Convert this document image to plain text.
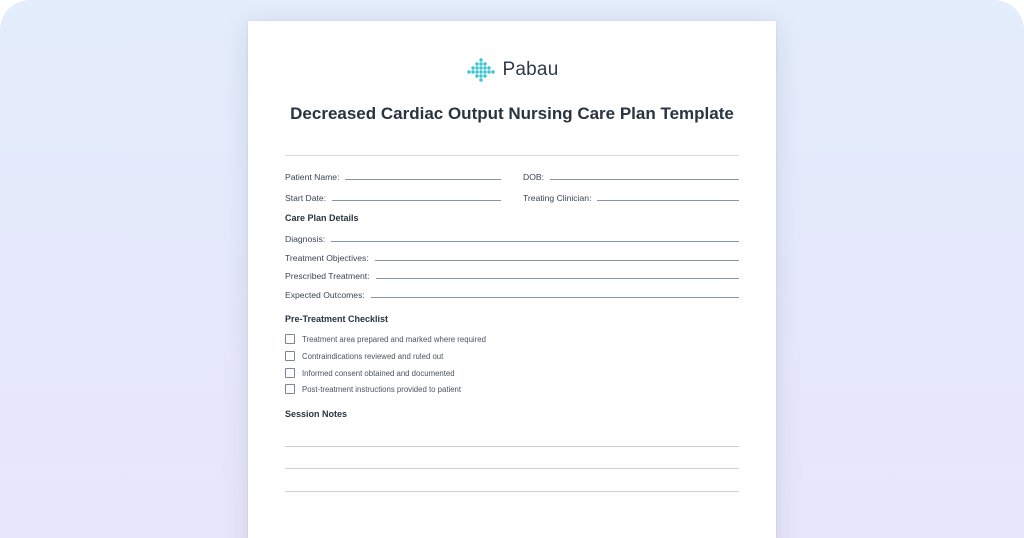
Pabau
Decreased Cardiac Output Nursing Care Plan Template
Patient Name:	DOB:
Start Date:	Treating Clinician:
Care Plan Details
Diagnosis:
Treatment Objectives:
Prescribed Treatment:
Expected Outcomes:
Pre-Treatment Checklist
Treatment area prepared and marked where required
Contraindications reviewed and ruled out
Informed consent obtained and documented
Post-treatment instructions provided to patient
Session Notes
